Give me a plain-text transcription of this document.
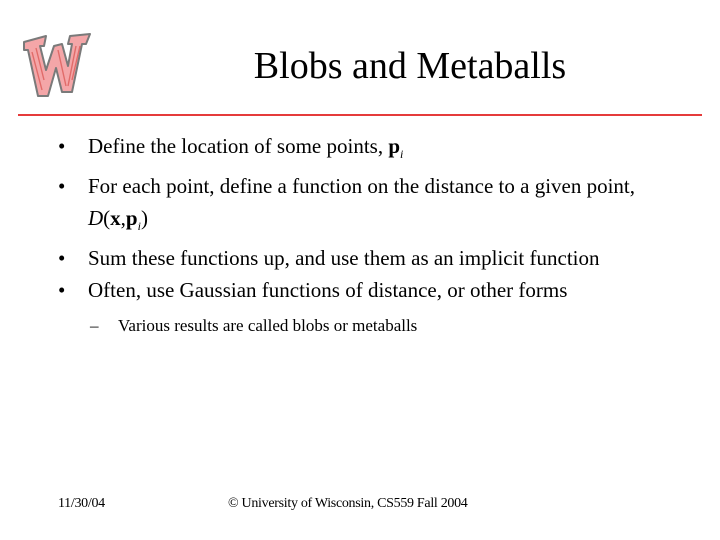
Blobs and Metaballs
• Define the location of some points, $p_i$
• For each point, define a function on the distance to a given point, $D(x,p_i)$
• Sum these functions up, and use them as an implicit function
• Often, use Gaussian functions of distance, or other forms
– Various results are called blobs or metaballs
11/30/04	© University of Wisconsin, CS559 Fall 2004
